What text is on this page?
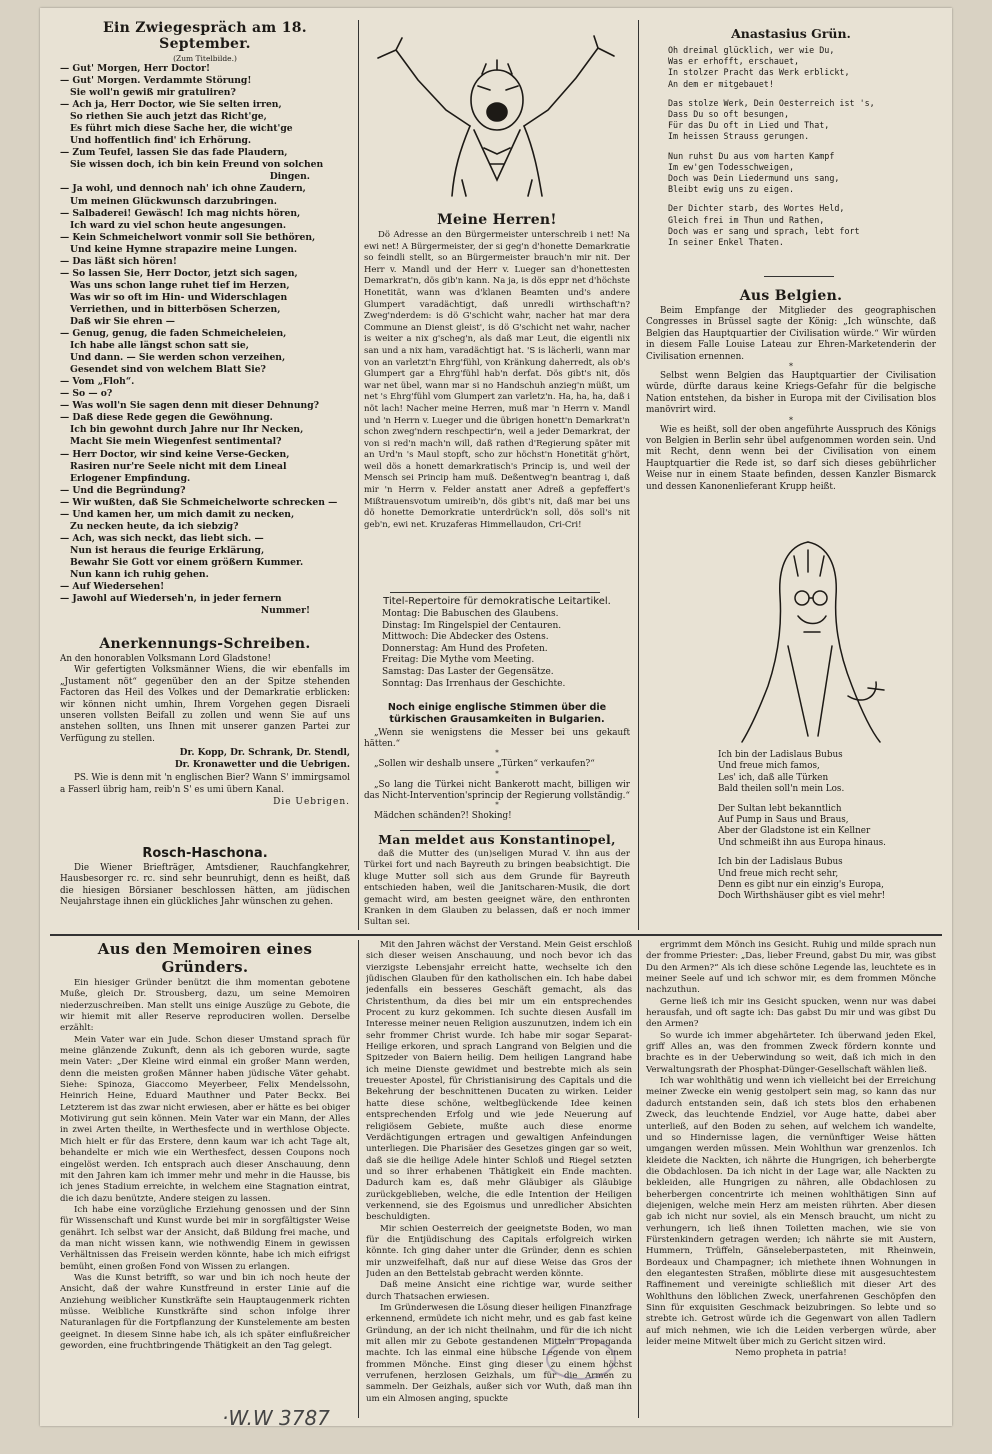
Ein Zwiegespräch am 18. September.
(Zum Titelbilde.)
— Gut' Morgen, Herr Doctor!
— Gut' Morgen. Verdammte Störung!
Sie woll'n gewiß mir gratuliren?
— Ach ja, Herr Doctor, wie Sie selten irren,
So riethen Sie auch jetzt das Richt'ge,
Es führt mich diese Sache her, die wicht'ge
Und hoffentlich find' ich Erhörung.
— Zum Teufel, lassen Sie das fade Plaudern,
Sie wissen doch, ich bin kein Freund von solchen
Dingen.
— Ja wohl, und dennoch nah' ich ohne Zaudern,
Um meinen Glückwunsch darzubringen.
— Salbaderei! Gewäsch! Ich mag nichts hören,
Ich ward zu viel schon heute angesungen.
— Kein Schmeichelwort vonmir soll Sie bethören,
Und keine Hymne strapazire meine Lungen.
— Das läßt sich hören!
— So lassen Sie, Herr Doctor, jetzt sich sagen,
Was uns schon lange ruhet tief im Herzen,
Was wir so oft im Hin- und Widerschlagen
Verriethen, und in bitterbösen Scherzen,
Daß wir Sie ehren —
— Genug, genug, die faden Schmeicheleien,
Ich habe alle längst schon satt sie,
Und dann. — Sie werden schon verzeihen,
Gesendet sind von welchem Blatt Sie?
— Vom „Floh“.
— So — o?
— Was woll'n Sie sagen denn mit dieser Dehnung?
— Daß diese Rede gegen die Gewöhnung.
Ich bin gewohnt durch Jahre nur Ihr Necken,
Macht Sie mein Wiegenfest sentimental?
— Herr Doctor, wir sind keine Verse-Gecken,
Rasiren nur're Seele nicht mit dem Lineal
Erlogener Empfindung.
— Und die Begründung?
— Wir wußten, daß Sie Schmeichelworte schrecken —
— Und kamen her, um mich damit zu necken,
Zu necken heute, da ich siebzig?
— Ach, was sich neckt, das liebt sich. —
Nun ist heraus die feurige Erklärung,
Bewahr Sie Gott vor einem größern Kummer.
Nun kann ich ruhig gehen.
— Auf Wiedersehen!
— Jawohl auf Wiederseh'n, in jeder fernern
Nummer!
Anerkennungs-Schreiben.

An den honorablen Volksmann Lord Gladstone!

Wir gefertigten Volksmänner Wiens, die wir ebenfalls im „Justament nöt“ gegenüber den an der Spitze stehenden Factoren das Heil des Volkes und der Demarkratie erblicken: wir können nicht umhin, Ihrem Vorgehen gegen Disraeli unseren vollsten Beifall zu zollen und wenn Sie auf uns anstehen sollten, uns Ihnen mit unserer ganzen Partei zur Verfügung zu stellen.

Dr. Kopp, Dr. Schrank, Dr. Stendl,

Dr. Kronawetter und die Uebrigen.

PS. Wie is denn mit 'n englischen Bier? Wann S' immirgsamol a Fasserl übrig ham, reib'n S' es umi übern Kanal.

Die Uebrigen.

Rosch-Haschona.

Die Wiener Briefträger, Amtsdiener, Rauchfangkehrer, Hausbesorger rc. rc. sind sehr beunruhigt, denn es heißt, daß die hiesigen Börsianer beschlossen hätten, am jüdischen Neujahrstage ihnen ein glückliches Jahr wünschen zu gehen.

Meine Herren!

Dö Adresse an den Bürgermeister unterschreib i net! Na ewi net! A Bürgermeister, der si geg'n d'honette Demarkratie so feindli stellt, so an Bürgermeister brauch'n mir nit. Der Herr v. Mandl und der Herr v. Lueger san d'honettesten Demarkrat'n, dös gib'n kann. Na ja, is dös eppr net d'höchste Honetität, wann was d'klanen Beamten und's andere Glumpert varadächtigt, daß unredli wirthschaft'n? Zweg'nderdem: is dö G'schicht wahr, nacher hat mar dera Commune an Dienst gleist', is dö G'schicht net wahr, nacher is weiter a nix g'scheg'n, als daß mar Leut, die eigentli nix san und a nix ham, varadächtigt hat. 'S is lächerli, wann mar von an varletzt'n Ehrg'fühl, von Kränkung daherredt, als ob's Glumpert gar a Ehrg'fühl hab'n derfat. Dös gibt's nit, dös war net übel, wann mar si no Handschuh anzieg'n müßt, um net 's Ehrg'fühl vom Glumpert zan varletz'n. Ha, ha, ha, daß i nöt lach! Nacher meine Herren, muß mar 'n Herrn v. Mandl und 'n Herrn v. Lueger und die übrigen honett'n Demarkrat'n schon zweg'ndern reschpectir'n, weil a jeder Demarkrat, der von si red'n mach'n will, daß rathen d'Regierung später mit an Urd'n 's Maul stopft, scho zur höchst'n Honetität g'hört, weil dös a honett demarkratisch's Princip is, und weil der Mensch sei Princip ham muß. Deßentweg'n beantrag i, daß mir 'n Herrn v. Felder anstatt aner Adreß a gepfeffert's Mißtrauensvotum umireib'n, dös gibt's nit, daß mar bei uns dö honette Demorkratie unterdrück'n soll, dös soll's nit geb'n, ewi net. Kruzaferas Himmellaudon, Cri-Cri!

Titel-Repertoire für demokratische Leitartikel.

Montag: Die Babuschen des Glaubens.

Dinstag: Im Ringelspiel der Centauren.

Mittwoch: Die Abdecker des Ostens.

Donnerstag: Am Hund des Profeten.

Freitag: Die Mythe vom Meeting.

Samstag: Das Laster der Gegensätze.

Sonntag: Das Irrenhaus der Geschichte.

Noch einige englische Stimmen über die türkischen Grausamkeiten in Bulgarien.

„Wenn sie wenigstens die Messer bei uns gekauft hätten.“

*

„Sollen wir deshalb unsere „Türken“ verkaufen?“

*

„So lang die Türkei nicht Bankerott macht, billigen wir das Nicht-Intervention'sprincip der Regierung vollständig.“

*

Mädchen schänden?! Shoking!

Man meldet aus Konstantinopel,

daß die Mutter des (un)seligen Murad V. ihn aus der Türkei fort und nach Bayreuth zu bringen beabsichtigt. Die kluge Mutter soll sich aus dem Grunde für Bayreuth entschieden haben, weil die Janitscharen-Musik, die dort gemacht wird, am besten geeignet wäre, den enthronten Kranken in dem Glauben zu belassen, daß er noch immer Sultan sei.

Anastasius Grün.
Oh dreimal glücklich, wer wie Du,
Was er erhofft, erschauet,
In stolzer Pracht das Werk erblickt,
An dem er mitgebauet!
Das stolze Werk, Dein Oesterreich ist 's,
Dass Du so oft besungen,
Für das Du oft in Lied und That,
Im heissen Strauss gerungen.
Nun ruhst Du aus vom harten Kampf
Im ew'gen Todesschweigen,
Doch was Dein Liedermund uns sang,
Bleibt ewig uns zu eigen.
Der Dichter starb, des Wortes Held,
Gleich frei im Thun und Rathen,
Doch was er sang und sprach, lebt fort
In seiner Enkel Thaten.
Aus Belgien.

Beim Empfange der Mitglieder des geographischen Congresses in Brüssel sagte der König: „Ich wünschte, daß Belgien das Hauptquartier der Civilisation würde.“ Wir würden in diesem Falle Louise Lateau zur Ehren-Marketenderin der Civilisation ernennen.

*

Selbst wenn Belgien das Hauptquartier der Civilisation würde, dürfte daraus keine Kriegs-Gefahr für die belgische Nation entstehen, da bisher in Europa mit der Civilisation blos manövrirt wird.

*

Wie es heißt, soll der oben angeführte Ausspruch des Königs von Belgien in Berlin sehr übel aufgenommen worden sein. Und mit Recht, denn wenn bei der Civilisation von einem Hauptquartier die Rede ist, so darf sich dieses gebührlicher Weise nur in einem Staate befinden, dessen Kanzler Bismarck und dessen Kanonenlieferant Krupp heißt.

Ich bin der Ladislaus Bubus
Und freue mich famos,
Les' ich, daß alle Türken
Bald theilen soll'n mein Los.
Der Sultan lebt bekanntlich
Auf Pump in Saus und Braus,
Aber der Gladstone ist ein Kellner
Und schmeißt ihn aus Europa hinaus.
Ich bin der Ladislaus Bubus
Und freue mich recht sehr,
Denn es gibt nur ein einzig's Europa,
Doch Wirthshäuser gibt es viel mehr!
Aus den Memoiren eines Gründers.

Ein hiesiger Gründer benützt die ihm momentan gebotene Muße, gleich Dr. Strousberg, dazu, um seine Memoiren niederzuschreiben. Man stellt uns einige Auszüge zu Gebote, die wir hiemit mit aller Reserve reproduciren wollen. Derselbe erzählt:

Mein Vater war ein Jude. Schon dieser Umstand sprach für meine glänzende Zukunft, denn als ich geboren wurde, sagte mein Vater: „Der Kleine wird einmal ein großer Mann werden, denn die meisten großen Männer haben jüdische Väter gehabt. Siehe: Spinoza, Giaccomo Meyerbeer, Felix Mendelssohn, Heinrich Heine, Eduard Mauthner und Pater Beckx. Bei Letzterem ist das zwar nicht erwiesen, aber er hätte es bei obiger Motivirung gut sein können. Mein Vater war ein Mann, der Alles in zwei Arten theilte, in Werthesfecte und in werthlose Objecte. Mich hielt er für das Erstere, denn kaum war ich acht Tage alt, behandelte er mich wie ein Werthesfect, dessen Coupons noch eingelöst werden. Ich entsprach auch dieser Anschauung, denn mit den Jahren kam ich immer mehr und mehr in die Hausse, bis ich jenes Stadium erreichte, in welchem eine Stagnation eintrat, die ich dazu benützte, Andere steigen zu lassen.

Ich habe eine vorzügliche Erziehung genossen und der Sinn für Wissenschaft und Kunst wurde bei mir in sorgfältigster Weise genährt. Ich selbst war der Ansicht, daß Bildung frei mache, und da man nicht wissen kann, wie nothwendig Einem in gewissen Verhältnissen das Freisein werden könnte, habe ich mich eifrigst bemüht, einen großen Fond von Wissen zu erlangen.

Was die Kunst betrifft, so war und bin ich noch heute der Ansicht, daß der wahre Kunstfreund in erster Linie auf die Anziehung weiblicher Kunstkräfte sein Hauptaugenmerk richten müsse. Weibliche Kunstkräfte sind schon infolge ihrer Naturanlagen für die Fortpflanzung der Kunstelemente am besten geeignet. In diesem Sinne habe ich, als ich später einflußreicher geworden, eine fruchtbringende Thätigkeit an den Tag gelegt.

Mit den Jahren wächst der Verstand. Mein Geist erschloß sich dieser weisen Anschauung, und noch bevor ich das vierzigste Lebensjahr erreicht hatte, wechselte ich den jüdischen Glauben für den katholischen ein. Ich habe dabei jedenfalls ein besseres Geschäft gemacht, als das Christenthum, da dies bei mir um ein entsprechendes Procent zu kurz gekommen. Ich suchte diesen Ausfall im Interesse meiner neuen Religion auszunutzen, indem ich ein sehr frommer Christ wurde. Ich habe mir sogar Separat-Heilige erkoren, und sprach Langrand von Belgien und die Spitzeder von Baiern heilig. Dem heiligen Langrand habe ich meine Dienste gewidmet und bestrebte mich als sein treuester Apostel, für Christianisirung des Capitals und die Bekehrung der beschnittenen Ducaten zu wirken. Leider hatte diese schöne, weltbeglückende Idee keinen entsprechenden Erfolg und wie jede Neuerung auf religiösem Gebiete, mußte auch diese enorme Verdächtigungen ertragen und gewaltigen Anfeindungen unterliegen. Die Pharisäer des Gesetzes gingen gar so weit, daß sie die heilige Adele hinter Schloß und Riegel setzten und so ihrer erhabenen Thätigkeit ein Ende machten. Dadurch kam es, daß mehr Gläubiger als Gläubige zurückgeblieben, welche, die edle Intention der Heiligen verkennend, sie des Egoismus und unredlicher Absichten beschuldigten.

Mir schien Oesterreich der geeignetste Boden, wo man für die Entjüdischung des Capitals erfolgreich wirken könnte. Ich ging daher unter die Gründer, denn es schien mir unzweifelhaft, daß nur auf diese Weise das Gros der Juden an den Bettelstab gebracht werden könnte.

Daß meine Ansicht eine richtige war, wurde seither durch Thatsachen erwiesen.

Im Gründerwesen die Lösung dieser heiligen Finanzfrage erkennend, ermüdete ich nicht mehr, und es gab fast keine Gründung, an der ich nicht theilnahm, und für die ich nicht mit allen mir zu Gebote gestandenen Mitteln Propaganda machte. Ich las einmal eine hübsche Legende von einem frommen Mönche. Einst ging dieser zu einem höchst verrufenen, herzlosen Geizhals, um für die Armen zu sammeln. Der Geizhals, außer sich vor Wuth, daß man ihn um ein Almosen anging, spuckte

ergrimmt dem Mönch ins Gesicht. Ruhig und milde sprach nun der fromme Priester: „Das, lieber Freund, gabst Du mir, was gibst Du den Armen?“ Als ich diese schöne Legende las, leuchtete es in meiner Seele auf und ich schwor mir, es dem frommen Mönche nachzuthun.

Gerne ließ ich mir ins Gesicht spucken, wenn nur was dabei herausfah, und oft sagte ich: Das gabst Du mir und was gibst Du den Armen?

So wurde ich immer abgehärteter. Ich überwand jeden Ekel, griff Alles an, was den frommen Zweck fördern konnte und brachte es in der Ueberwindung so weit, daß ich mich in den Verwaltungsrath der Phosphat-Dünger-Gesellschaft wählen ließ.

Ich war wohlthätig und wenn ich vielleicht bei der Erreichung meiner Zwecke ein wenig gestolpert sein mag, so kann das nur dadurch entstanden sein, daß ich stets blos den erhabenen Zweck, das leuchtende Endziel, vor Auge hatte, dabei aber unterließ, auf den Boden zu sehen, auf welchem ich wandelte, und so Hindernisse lagen, die vernünftiger Weise hätten umgangen werden müssen. Mein Wohlthun war grenzenlos. Ich kleidete die Nackten, ich nährte die Hungrigen, ich beherbergte die Obdachlosen. Da ich nicht in der Lage war, alle Nackten zu bekleiden, alle Hungrigen zu nähren, alle Obdachlosen zu beherbergen concentrirte ich meinen wohlthätigen Sinn auf diejenigen, welche mein Herz am meisten rührten. Aber diesen gab ich nicht nur soviel, als ein Mensch braucht, um nicht zu verhungern, ich ließ ihnen Toiletten machen, wie sie von Fürstenkindern getragen werden; ich nährte sie mit Austern, Hummern, Trüffeln, Gänseleberpasteten, mit Rheinwein, Bordeaux und Champagner; ich miethete ihnen Wohnungen in den elegantesten Straßen, möblirte diese mit ausgesuchtestem Raffinement und vereinigte schließlich mit dieser Art des Wohlthuns den löblichen Zweck, unerfahrenen Geschöpfen den Sinn für exquisiten Geschmack beizubringen. So lebte und so strebte ich. Getrost würde ich die Gegenwart von allen Tadlern auf mich nehmen, wie ich die Leiden verbergen würde, aber leider meine Mitwelt über mich zu Gericht sitzen wird.

Nemo propheta in patria!

·W.W 3787
